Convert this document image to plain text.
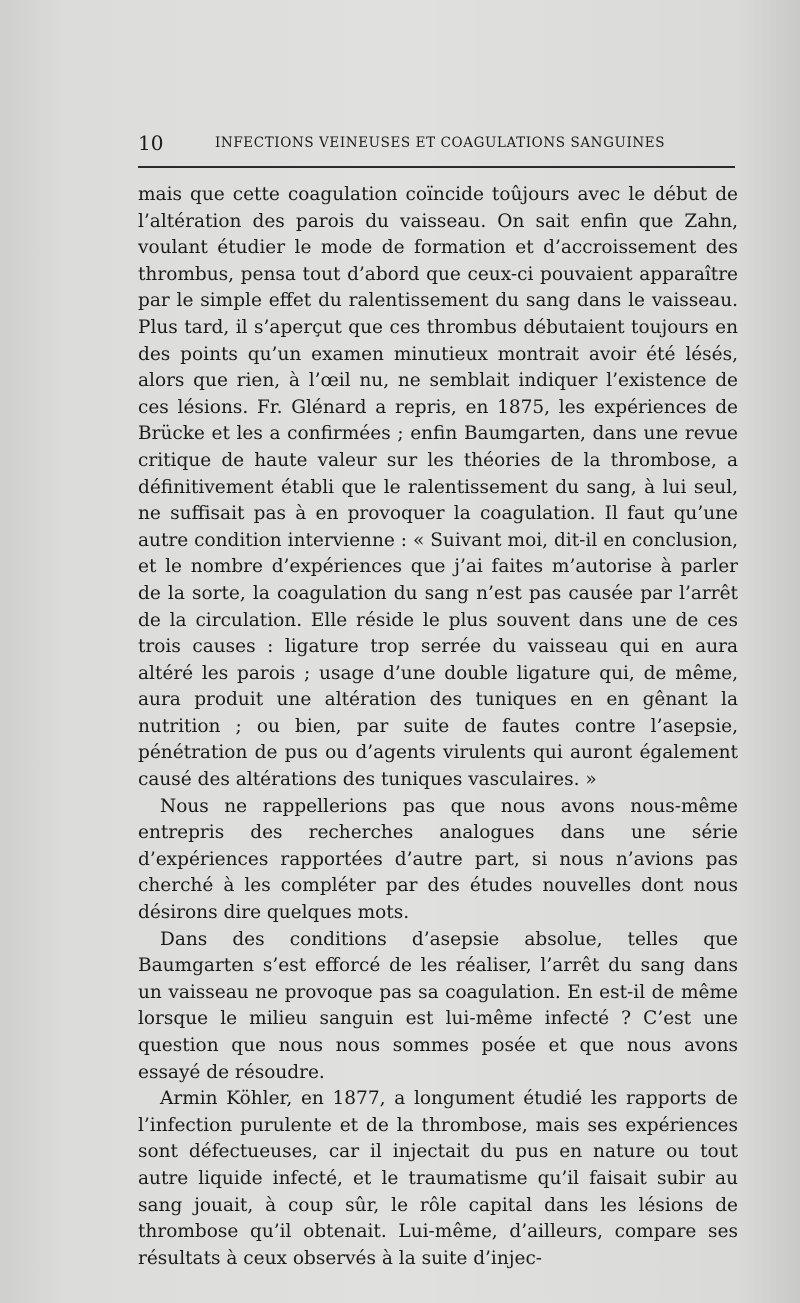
10	INFECTIONS VEINEUSES ET COAGULATIONS SANGUINES

mais que cette coagulation coïncide toûjours avec le début de l’altération des parois du vaisseau. On sait enfin que Zahn, voulant étudier le mode de formation et d’accroissement des thrombus, pensa tout d’abord que ceux-ci pouvaient apparaître par le simple effet du ralentissement du sang dans le vaisseau. Plus tard, il s’aperçut que ces thrombus débutaient toujours en des points qu’un examen minutieux montrait avoir été lésés, alors que rien, à l’œil nu, ne semblait indiquer l’existence de ces lésions. Fr. Glénard a repris, en 1875, les expériences de Brücke et les a confirmées ; enfin Baumgarten, dans une revue critique de haute valeur sur les théories de la thrombose, a définitivement établi que le ralentissement du sang, à lui seul, ne suffisait pas à en provoquer la coagulation. Il faut qu’une autre condition intervienne : « Suivant moi, dit-il en conclusion, et le nombre d’expériences que j’ai faites m’autorise à parler de la sorte, la coagulation du sang n’est pas causée par l’arrêt de la circulation. Elle réside le plus souvent dans une de ces trois causes : ligature trop serrée du vaisseau qui en aura altéré les parois ; usage d’une double ligature qui, de même, aura produit une altération des tuniques en en gênant la nutrition ; ou bien, par suite de fautes contre l’asepsie, pénétration de pus ou d’agents virulents qui auront également causé des altérations des tuniques vasculaires. »

Nous ne rappellerions pas que nous avons nous-même entrepris des recherches analogues dans une série d’expériences rapportées d’autre part, si nous n’avions pas cherché à les compléter par des études nouvelles dont nous désirons dire quelques mots.

Dans des conditions d’asepsie absolue, telles que Baumgarten s’est efforcé de les réaliser, l’arrêt du sang dans un vaisseau ne provoque pas sa coagulation. En est-il de même lorsque le milieu sanguin est lui-même infecté ? C’est une question que nous nous sommes posée et que nous avons essayé de résoudre.

Armin Köhler, en 1877, a longument étudié les rapports de l’infection purulente et de la thrombose, mais ses expériences sont défectueuses, car il injectait du pus en nature ou tout autre liquide infecté, et le traumatisme qu’il faisait subir au sang jouait, à coup sûr, le rôle capital dans les lésions de thrombose qu’il obtenait. Lui-même, d’ailleurs, compare ses résultats à ceux observés à la suite d’injec-
